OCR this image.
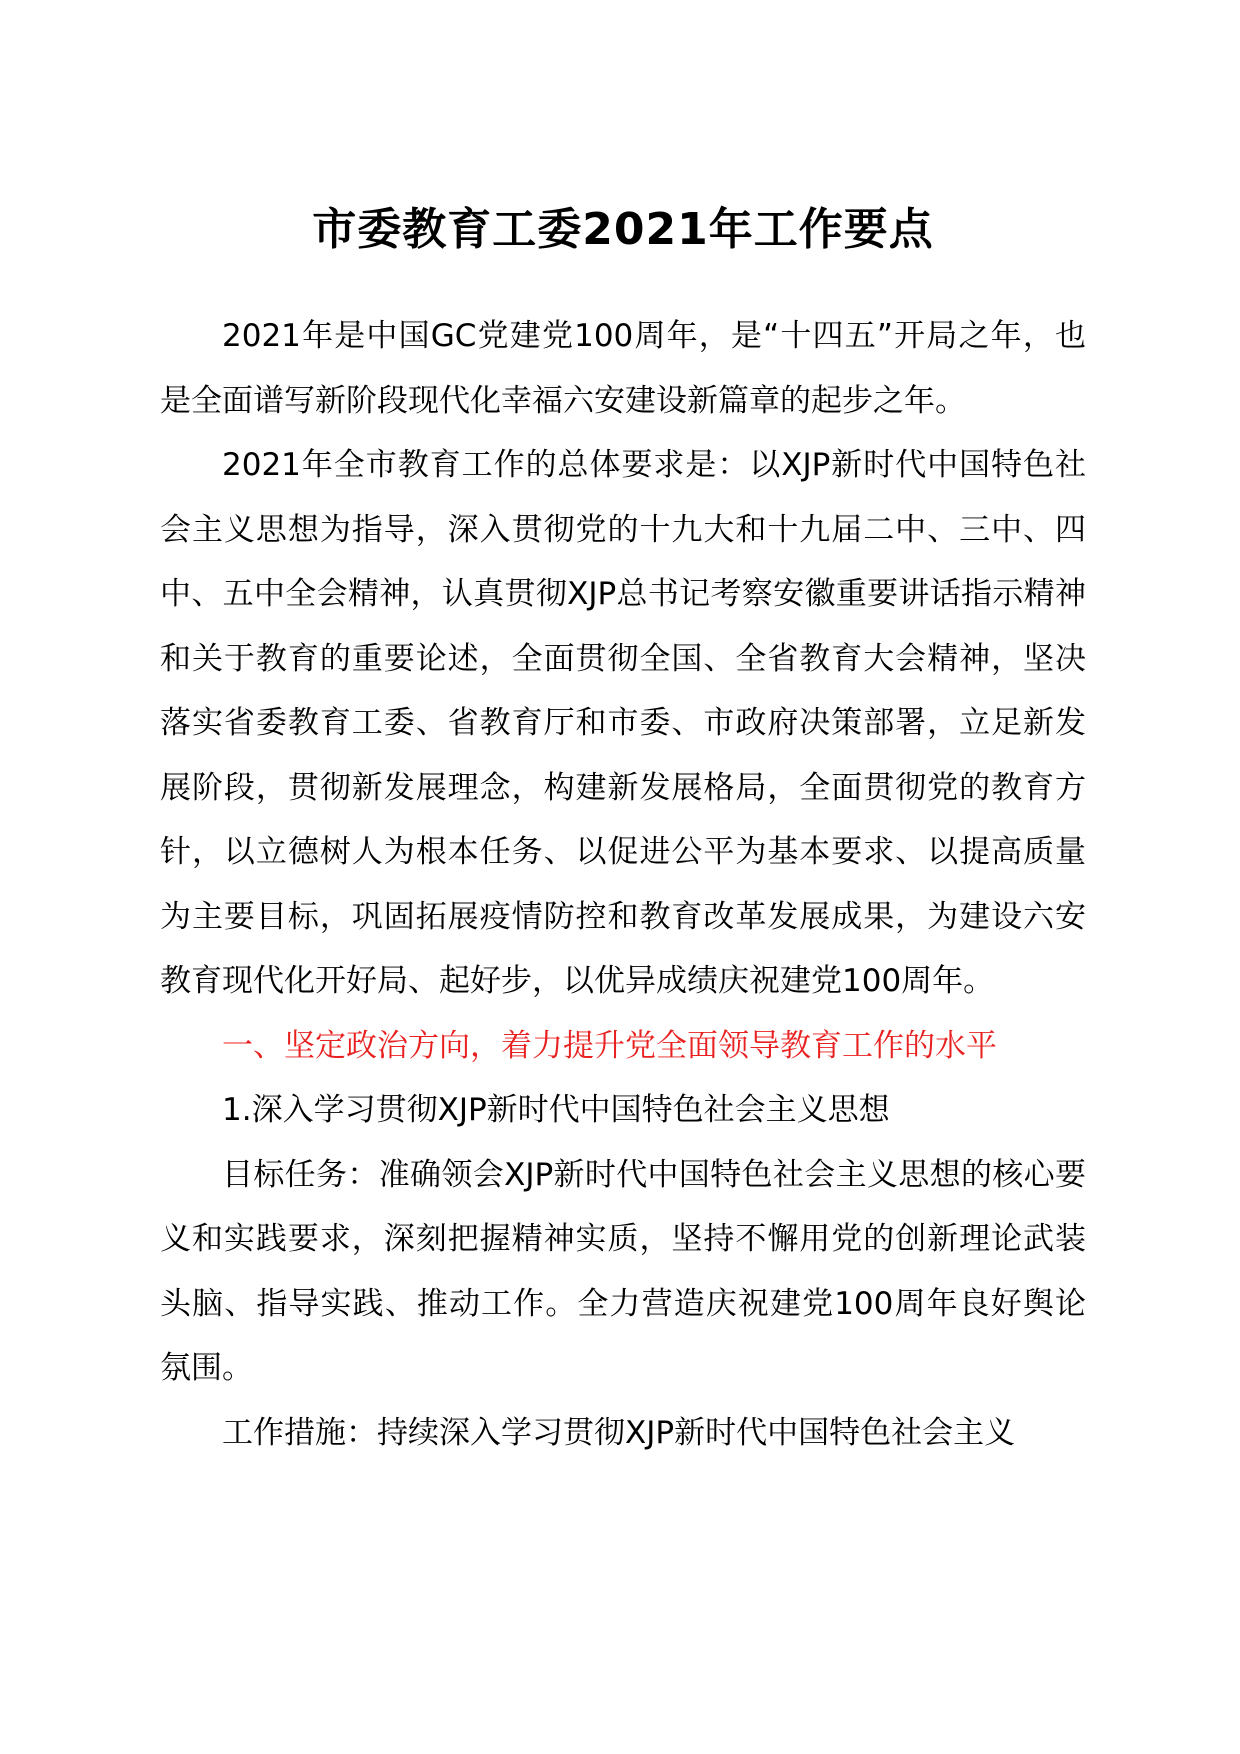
市委教育工委2021年工作要点

2021年是中国GC党建党100周年，是“十四五”开局之年，也是全面谱写新阶段现代化幸福六安建设新篇章的起步之年。

2021年全市教育工作的总体要求是：以XJP新时代中国特色社会主义思想为指导，深入贯彻党的十九大和十九届二中、三中、四中、五中全会精神，认真贯彻XJP总书记考察安徽重要讲话指示精神和关于教育的重要论述，全面贯彻全国、全省教育大会精神，坚决落实省委教育工委、省教育厅和市委、市政府决策部署，立足新发展阶段，贯彻新发展理念，构建新发展格局，全面贯彻党的教育方针，以立德树人为根本任务、以促进公平为基本要求、以提高质量为主要目标，巩固拓展疫情防控和教育改革发展成果，为建设六安教育现代化开好局、起好步，以优异成绩庆祝建党100周年。

一、坚定政治方向，着力提升党全面领导教育工作的水平

1.深入学习贯彻XJP新时代中国特色社会主义思想

目标任务：准确领会XJP新时代中国特色社会主义思想的核心要义和实践要求，深刻把握精神实质，坚持不懈用党的创新理论武装头脑、指导实践、推动工作。全力营造庆祝建党100周年良好舆论氛围。

工作措施：持续深入学习贯彻XJP新时代中国特色社会主义
